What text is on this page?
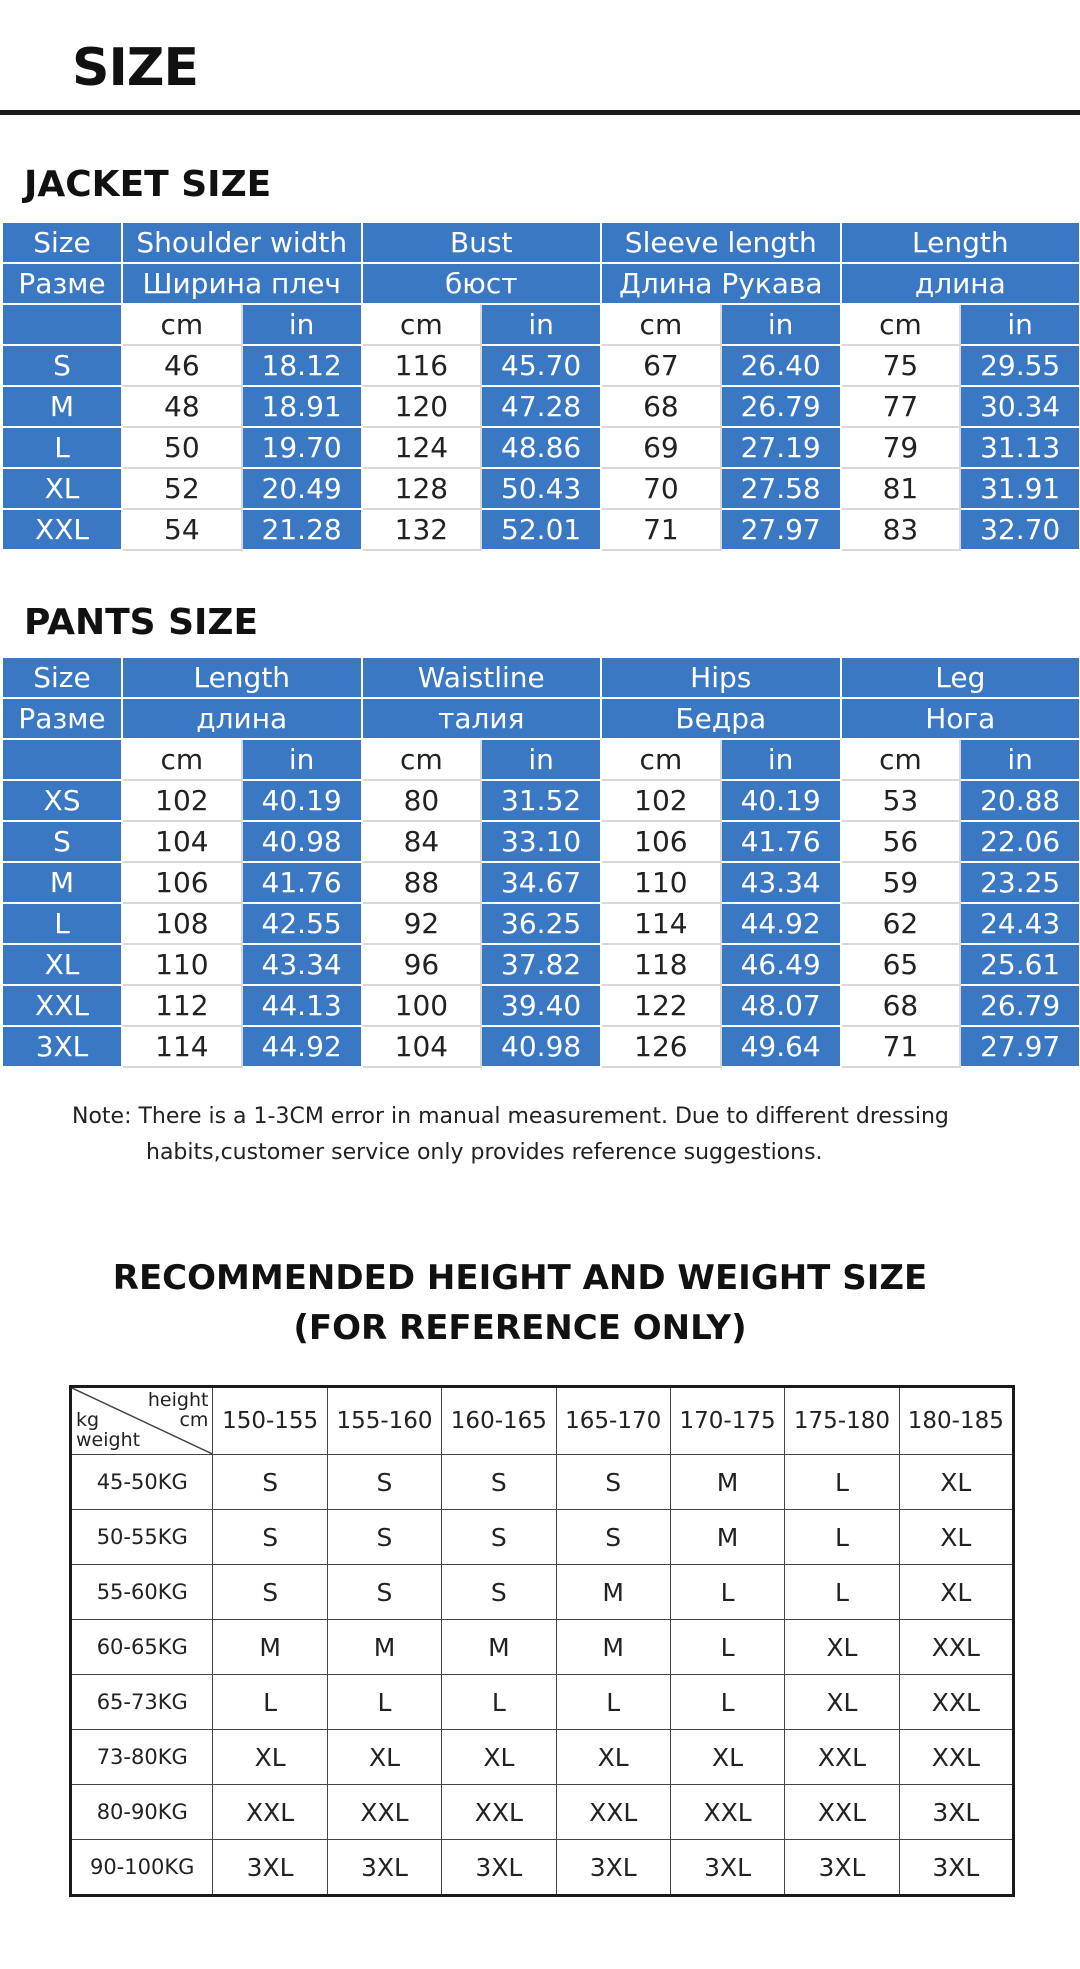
SIZE
JACKET SIZE
Size	Shoulder width		Bust		Sleeve length		Length	
Разме	Ширина плеч		бюст		Длина Рукава		длина	
	cm	in	cm	in	cm	in	cm	in
S	46	18.12	116	45.70	67	26.40	75	29.55
M	48	18.91	120	47.28	68	26.79	77	30.34
L	50	19.70	124	48.86	69	27.19	79	31.13
XL	52	20.49	128	50.43	70	27.58	81	31.91
XXL	54	21.28	132	52.01	71	27.97	83	32.70
PANTS SIZE
Size	Length		Waistline		Hips		Leg	
Разме	длина		талия		Бедра		Нога	
	cm	in	cm	in	cm	in	cm	in
XS	102	40.19	80	31.52	102	40.19	53	20.88
S	104	40.98	84	33.10	106	41.76	56	22.06
M	106	41.76	88	34.67	110	43.34	59	23.25
L	108	42.55	92	36.25	114	44.92	62	24.43
XL	110	43.34	96	37.82	118	46.49	65	25.61
XXL	112	44.13	100	39.40	122	48.07	68	26.79
3XL	114	44.92	104	40.98	126	49.64	71	27.97
Note: There is a 1-3CM error in manual measurement. Due to different dressing
habits,customer service only provides reference suggestions.
RECOMMENDED HEIGHT AND WEIGHT SIZE
(FOR REFERENCE ONLY)
height
cm
kg
weight	150-155	155-160	160-165	165-170	170-175	175-180	180-185
45-50KG	S	S	S	S	M	L	XL
50-55KG	S	S	S	S	M	L	XL
55-60KG	S	S	S	M	L	L	XL
60-65KG	M	M	M	M	L	XL	XXL
65-73KG	L	L	L	L	L	XL	XXL
73-80KG	XL	XL	XL	XL	XL	XXL	XXL
80-90KG	XXL	XXL	XXL	XXL	XXL	XXL	3XL
90-100KG	3XL	3XL	3XL	3XL	3XL	3XL	3XL
